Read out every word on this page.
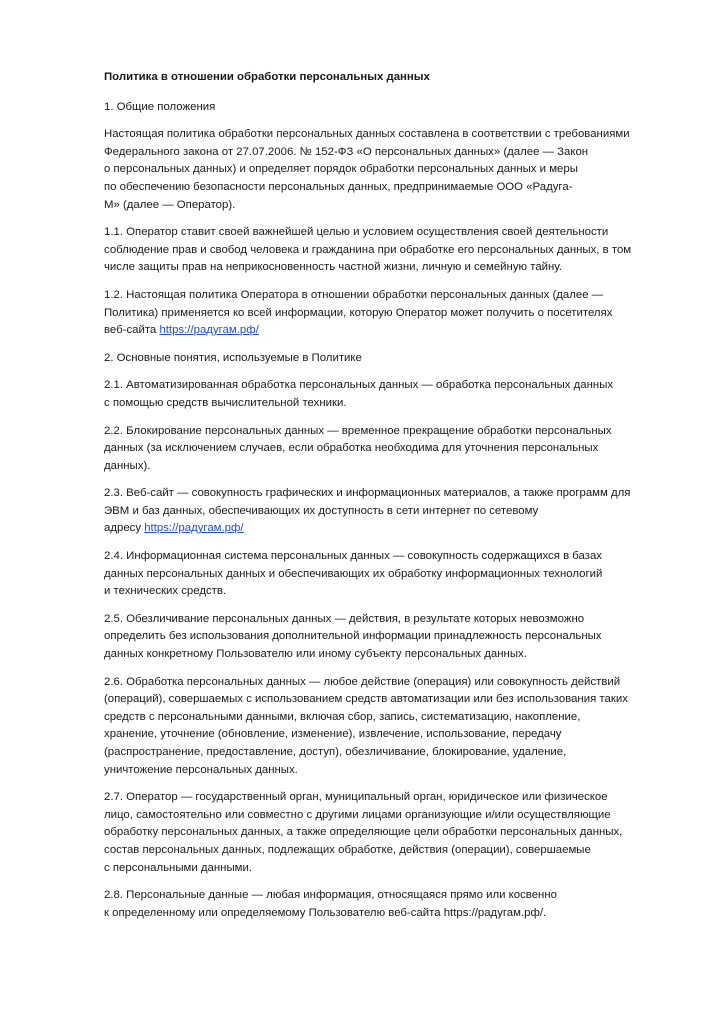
Политика в отношении обработки персональных данных

1. Общие положения

Настоящая политика обработки персональных данных составлена в соответствии с требованиями
Федерального закона от 27.07.2006. № 152-ФЗ «О персональных данных» (далее — Закон
о персональных данных) и определяет порядок обработки персональных данных и меры
по обеспечению безопасности персональных данных, предпринимаемые ООО «Радуга-
М» (далее — Оператор).

1.1. Оператор ставит своей важнейшей целью и условием осуществления своей деятельности
соблюдение прав и свобод человека и гражданина при обработке его персональных данных, в том
числе защиты прав на неприкосновенность частной жизни, личную и семейную тайну.

1.2. Настоящая политика Оператора в отношении обработки персональных данных (далее —
Политика) применяется ко всей информации, которую Оператор может получить о посетителях
веб-сайта https://радугам.рф/

2. Основные понятия, используемые в Политике

2.1. Автоматизированная обработка персональных данных — обработка персональных данных
с помощью средств вычислительной техники.

2.2. Блокирование персональных данных — временное прекращение обработки персональных
данных (за исключением случаев, если обработка необходима для уточнения персональных
данных).

2.3. Веб-сайт — совокупность графических и информационных материалов, а также программ для
ЭВМ и баз данных, обеспечивающих их доступность в сети интернет по сетевому
адресу https://радугам.рф/

2.4. Информационная система персональных данных — совокупность содержащихся в базах
данных персональных данных и обеспечивающих их обработку информационных технологий
и технических средств.

2.5. Обезличивание персональных данных — действия, в результате которых невозможно
определить без использования дополнительной информации принадлежность персональных
данных конкретному Пользователю или иному субъекту персональных данных.

2.6. Обработка персональных данных — любое действие (операция) или совокупность действий
(операций), совершаемых с использованием средств автоматизации или без использования таких
средств с персональными данными, включая сбор, запись, систематизацию, накопление,
хранение, уточнение (обновление, изменение), извлечение, использование, передачу
(распространение, предоставление, доступ), обезличивание, блокирование, удаление,
уничтожение персональных данных.

2.7. Оператор — государственный орган, муниципальный орган, юридическое или физическое
лицо, самостоятельно или совместно с другими лицами организующие и/или осуществляющие
обработку персональных данных, а также определяющие цели обработки персональных данных,
состав персональных данных, подлежащих обработке, действия (операции), совершаемые
с персональными данными.

2.8. Персональные данные — любая информация, относящаяся прямо или косвенно
к определенному или определяемому Пользователю веб-сайта https://радугам.рф/.
